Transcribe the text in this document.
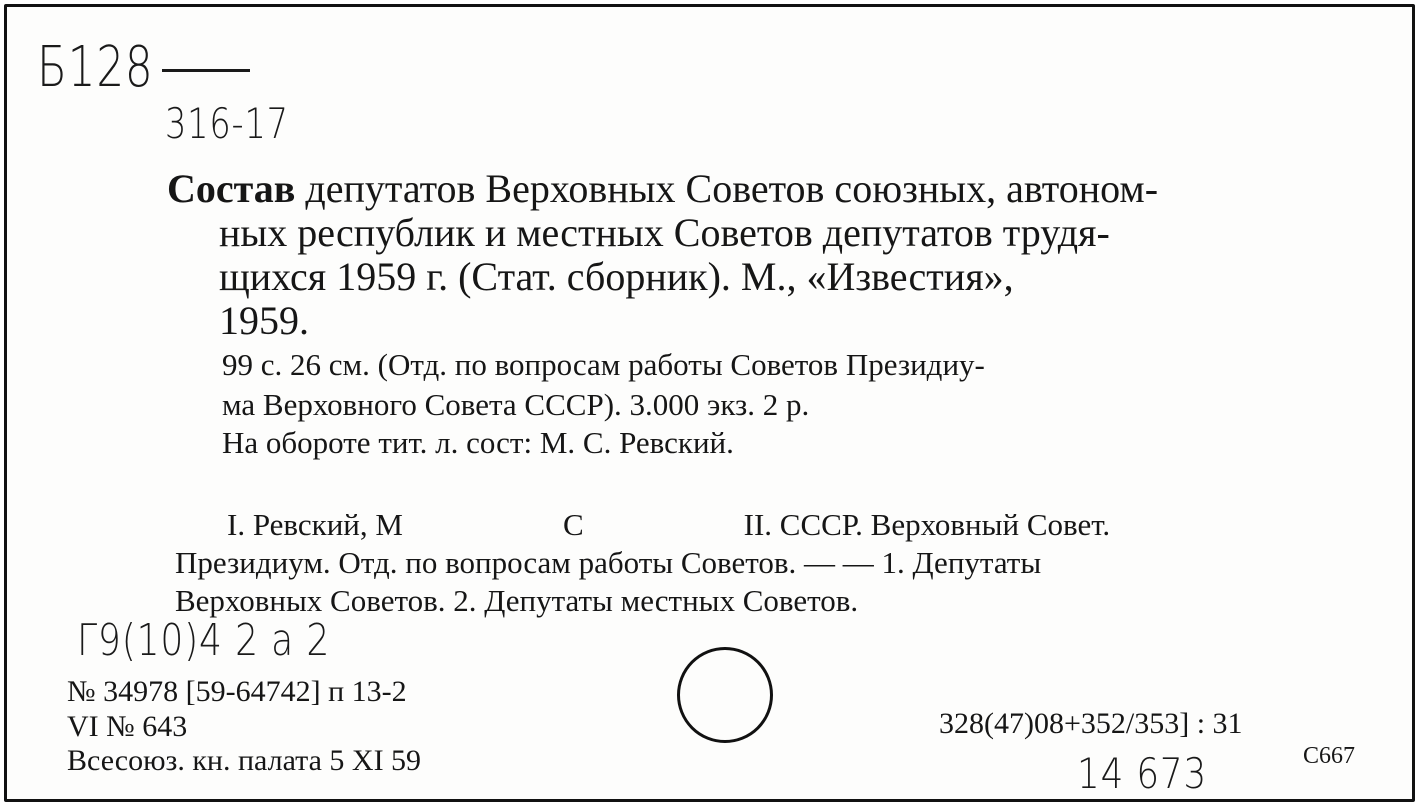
Б128
316-17
Состав депутатов Верховных Советов союзных, автоном-
ных республик и местных Советов депутатов трудя-
щихся 1959 г. (Стат. сборник). М., «Известия»,
1959.
99 с. 26 см. (Отд. по вопросам работы Советов Президиу-
ма Верховного Совета СССР). 3.000 экз. 2 р.
На обороте тит. л. сост: М. С. Ревский.
I. Ревский, М	С	II. СССР. Верховный Совет.
Президиум. Отд. по вопросам работы Советов. — — 1. Депутаты
Верховных Советов. 2. Депутаты местных Советов.
Г9(10)4 2 а 2
№ 34978 [59-64742] п 13-2
VI № 643
Всесоюз. кн. палата 5 XI 59
328(47)08+352/353] : 31
14 673	С667
